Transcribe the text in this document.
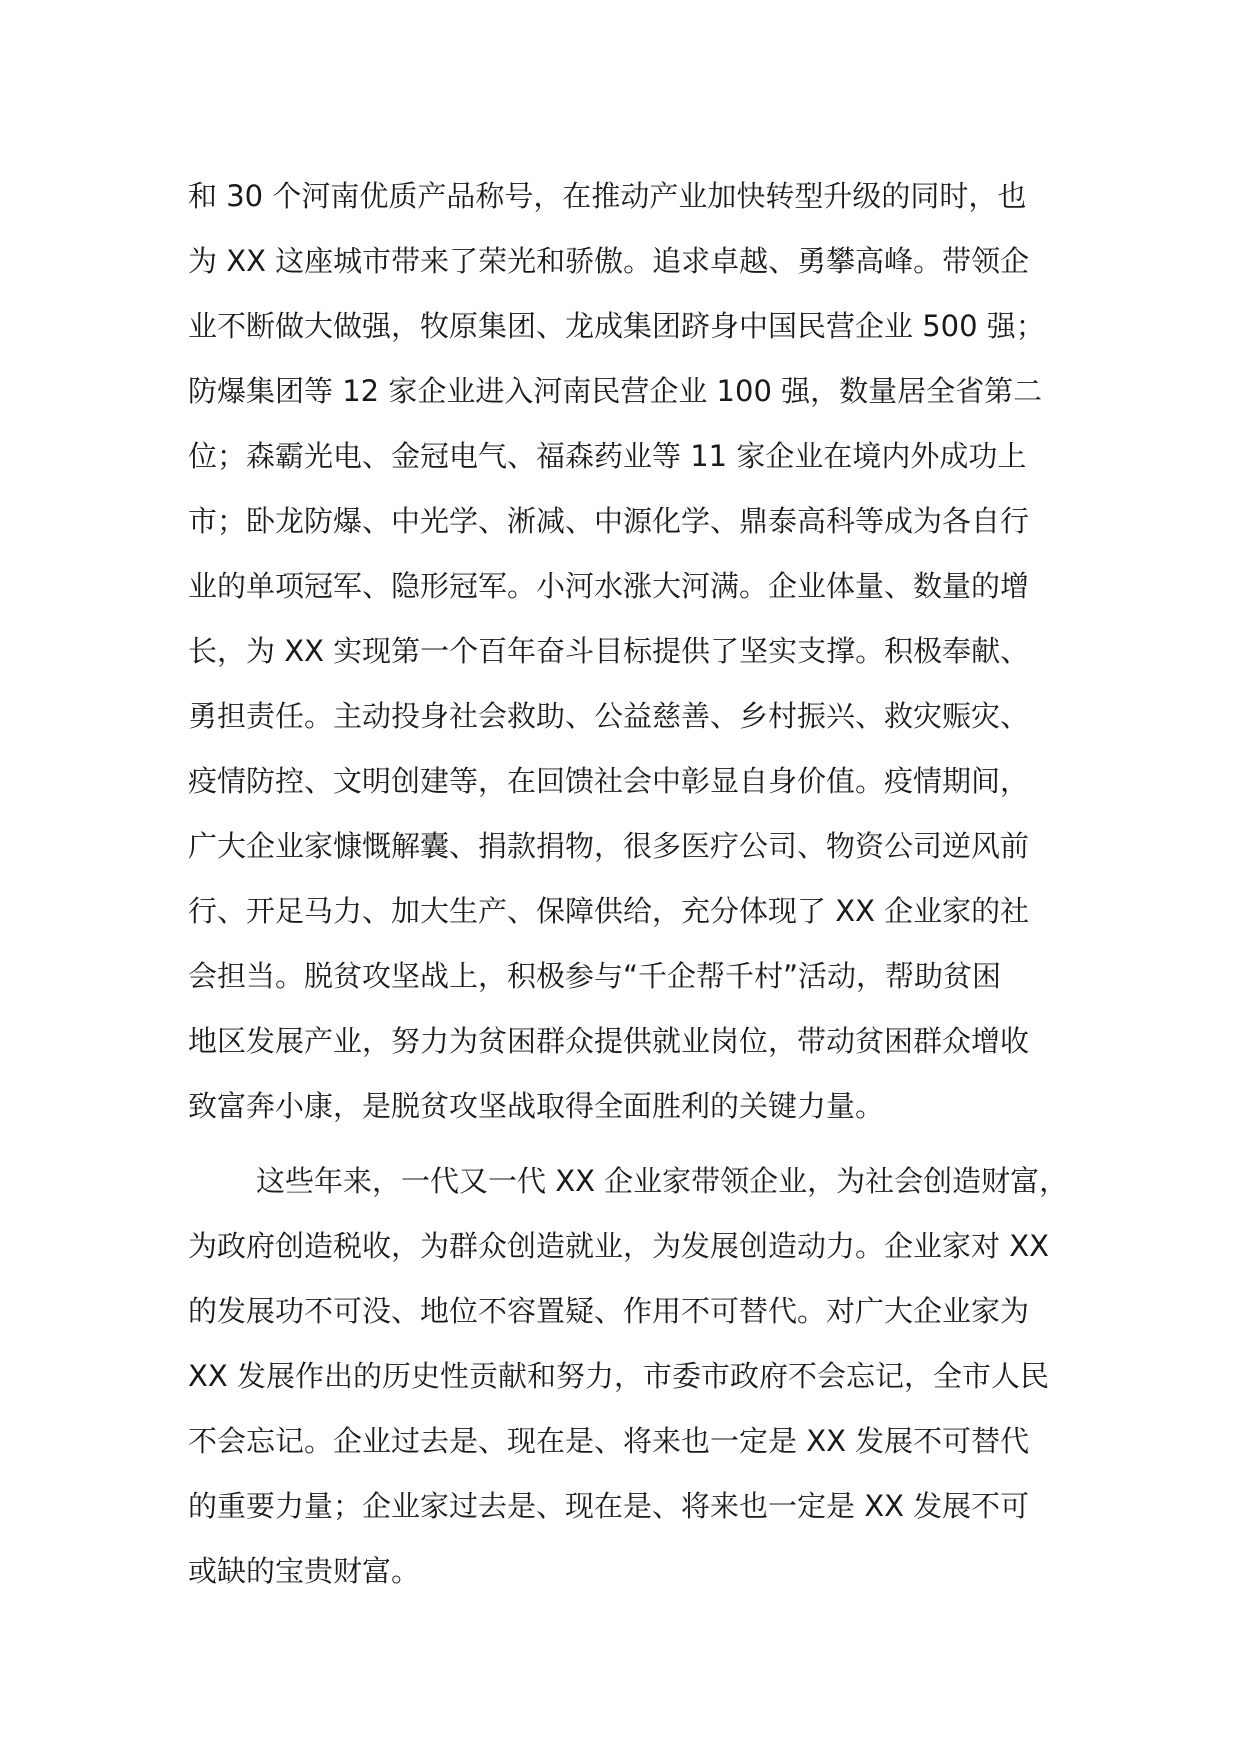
和 30 个河南优质产品称号，在推动产业加快转型升级的同时，也
为 XX 这座城市带来了荣光和骄傲。追求卓越、勇攀高峰。带领企
业不断做大做强，牧原集团、龙成集团跻身中国民营企业 500 强；
防爆集团等 12 家企业进入河南民营企业 100 强，数量居全省第二
位；森霸光电、金冠电气、福森药业等 11 家企业在境内外成功上
市；卧龙防爆、中光学、淅减、中源化学、鼎泰高科等成为各自行
业的单项冠军、隐形冠军。小河水涨大河满。企业体量、数量的增
长，为 XX 实现第一个百年奋斗目标提供了坚实支撑。积极奉献、
勇担责任。主动投身社会救助、公益慈善、乡村振兴、救灾赈灾、
疫情防控、文明创建等，在回馈社会中彰显自身价值。疫情期间，
广大企业家慷慨解囊、捐款捐物，很多医疗公司、物资公司逆风前
行、开足马力、加大生产、保障供给，充分体现了 XX 企业家的社
会担当。脱贫攻坚战上，积极参与“千企帮千村”活动，帮助贫困
地区发展产业，努力为贫困群众提供就业岗位，带动贫困群众增收
致富奔小康，是脱贫攻坚战取得全面胜利的关键力量。
这些年来，一代又一代 XX 企业家带领企业，为社会创造财富，
为政府创造税收，为群众创造就业，为发展创造动力。企业家对 XX
的发展功不可没、地位不容置疑、作用不可替代。对广大企业家为
XX 发展作出的历史性贡献和努力，市委市政府不会忘记，全市人民
不会忘记。企业过去是、现在是、将来也一定是 XX 发展不可替代
的重要力量；企业家过去是、现在是、将来也一定是 XX 发展不可
或缺的宝贵财富。
